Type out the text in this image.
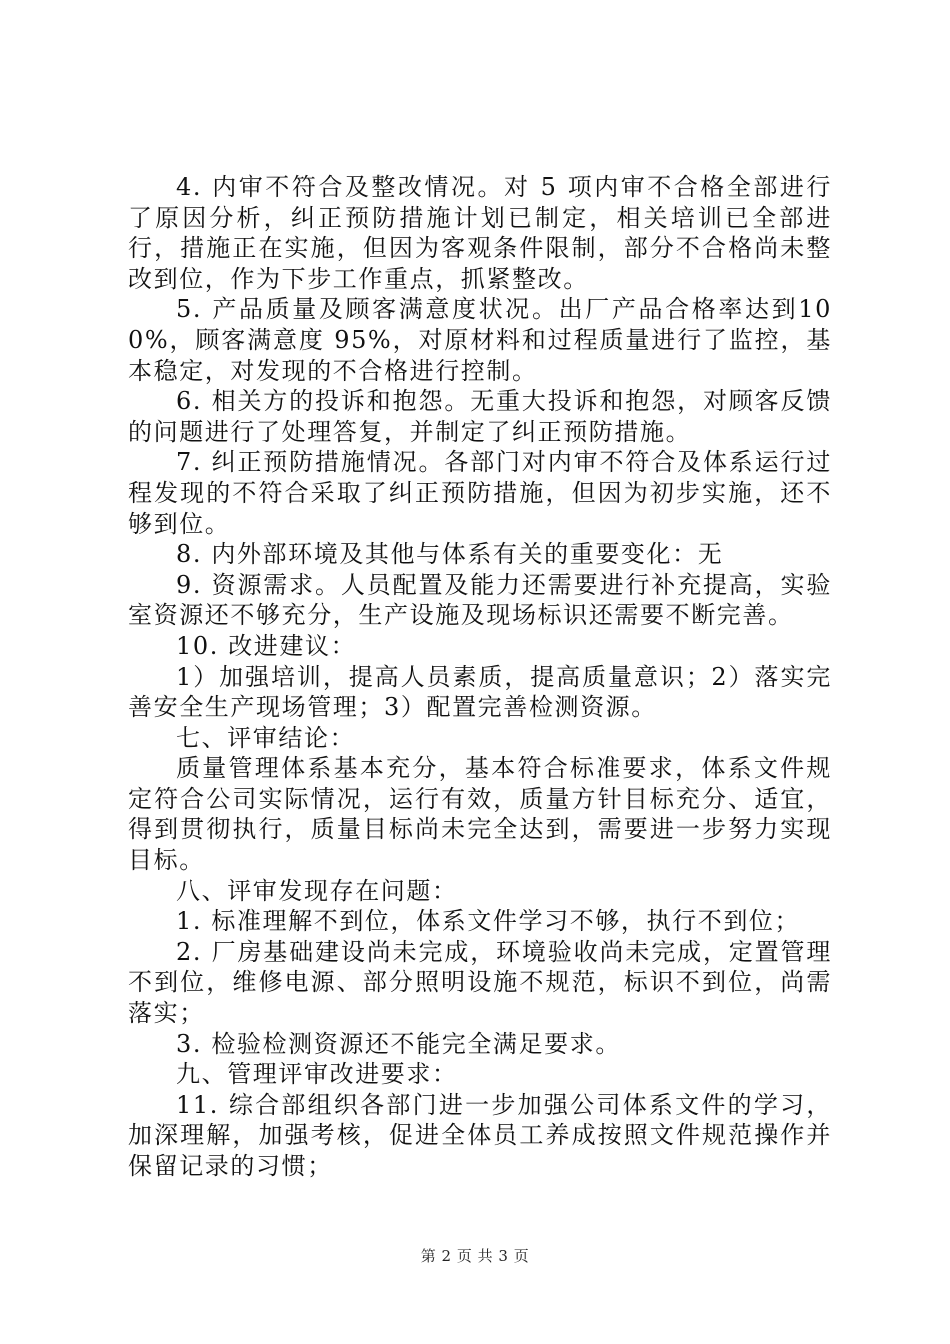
4. 内审不符合及整改情况。对 5 项内审不合格全部进行了原因分析，纠正预防措施计划已制定，相关培训已全部进行，措施正在实施，但因为客观条件限制，部分不合格尚未整改到位，作为下步工作重点，抓紧整改。

5. 产品质量及顾客满意度状况。出厂产品合格率达到100%，顾客满意度 95%，对原材料和过程质量进行了监控，基本稳定，对发现的不合格进行控制。

6. 相关方的投诉和抱怨。无重大投诉和抱怨，对顾客反馈的问题进行了处理答复，并制定了纠正预防措施。

7. 纠正预防措施情况。各部门对内审不符合及体系运行过程发现的不符合采取了纠正预防措施，但因为初步实施，还不够到位。

8. 内外部环境及其他与体系有关的重要变化：无

9. 资源需求。人员配置及能力还需要进行补充提高，实验室资源还不够充分，生产设施及现场标识还需要不断完善。

10. 改进建议：

1）加强培训，提高人员素质，提高质量意识；2）落实完善安全生产现场管理；3）配置完善检测资源。

七、评审结论：

质量管理体系基本充分，基本符合标准要求，体系文件规定符合公司实际情况，运行有效，质量方针目标充分、适宜，得到贯彻执行，质量目标尚未完全达到，需要进一步努力实现目标。

八、评审发现存在问题：

1. 标准理解不到位，体系文件学习不够，执行不到位；

2. 厂房基础建设尚未完成，环境验收尚未完成，定置管理不到位，维修电源、部分照明设施不规范，标识不到位，尚需落实；

3. 检验检测资源还不能完全满足要求。

九、管理评审改进要求：

11. 综合部组织各部门进一步加强公司体系文件的学习，加深理解，加强考核，促进全体员工养成按照文件规范操作并保留记录的习惯；

第 2 页 共 3 页
